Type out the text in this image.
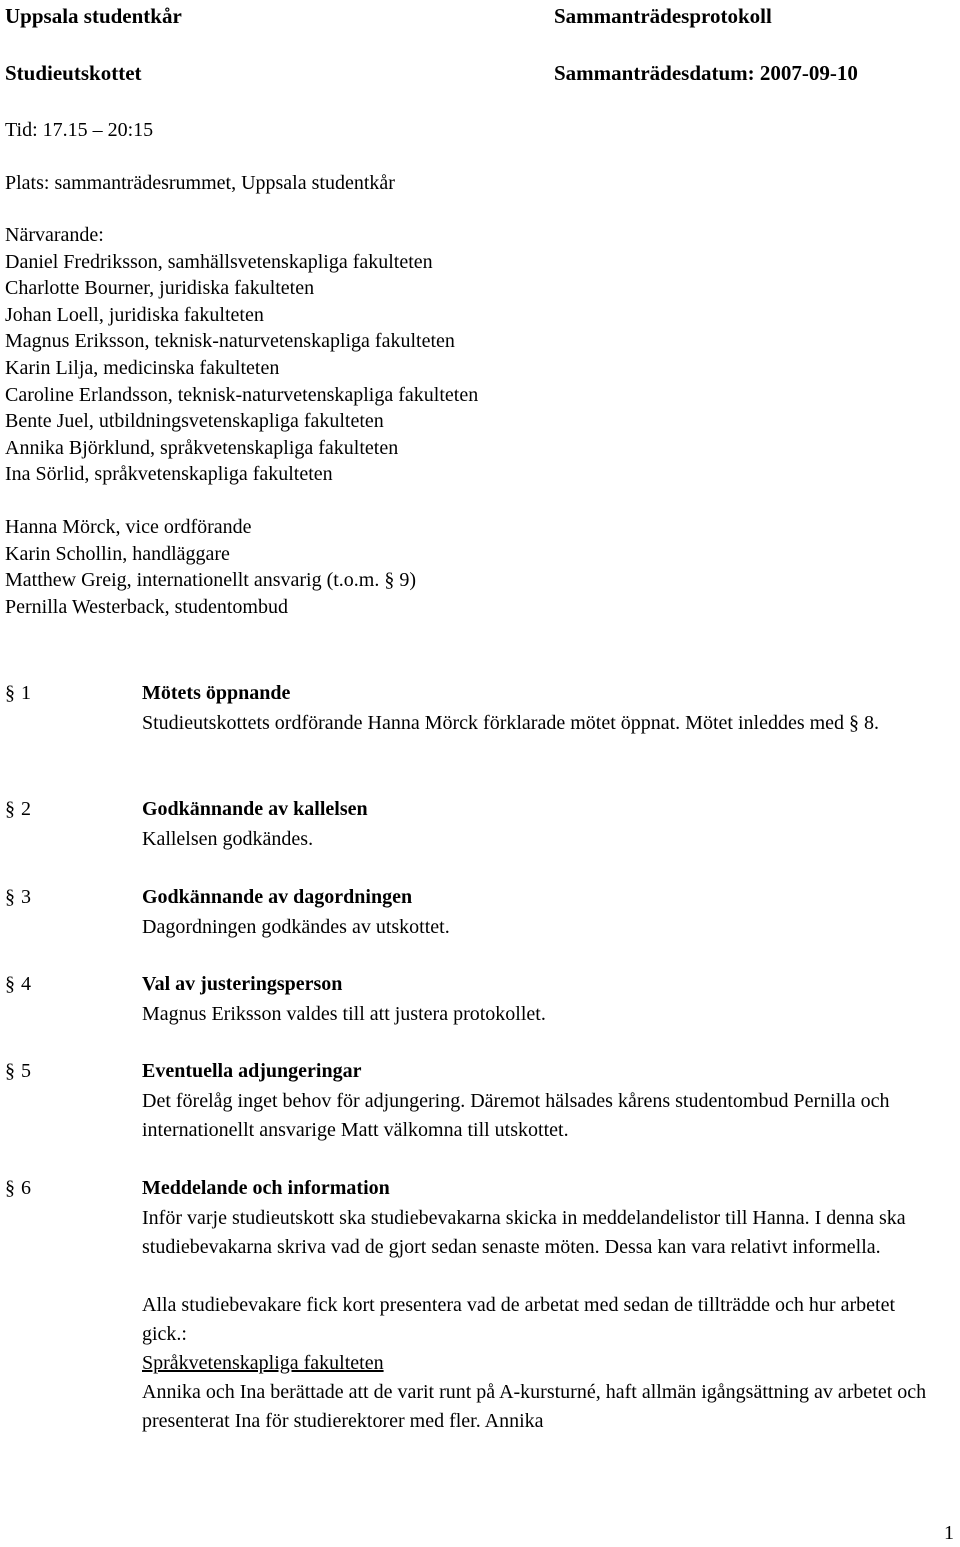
Uppsala studentkår	Sammanträdesprotokoll
Studieutskottet	Sammanträdesdatum: 2007-09-10
Tid: 17.15 – 20:15
Plats: sammanträdesrummet, Uppsala studentkår
Närvarande:
Daniel Fredriksson, samhällsvetenskapliga fakulteten
Charlotte Bourner, juridiska fakulteten
Johan Loell, juridiska fakulteten
Magnus Eriksson, teknisk-naturvetenskapliga fakulteten
Karin Lilja, medicinska fakulteten
Caroline Erlandsson, teknisk-naturvetenskapliga fakulteten
Bente Juel, utbildningsvetenskapliga fakulteten
Annika Björklund, språkvetenskapliga fakulteten
Ina Sörlid, språkvetenskapliga fakulteten
Hanna Mörck, vice ordförande
Karin Schollin, handläggare
Matthew Greig, internationellt ansvarig (t.o.m. § 9)
Pernilla Westerback, studentombud
§ 1	Mötets öppnande

Studieutskottets ordförande Hanna Mörck förklarade mötet öppnat. Mötet inleddes med § 8.

§ 2	Godkännande av kallelsen

Kallelsen godkändes.

§ 3	Godkännande av dagordningen

Dagordningen godkändes av utskottet.

§ 4	Val av justeringsperson

Magnus Eriksson valdes till att justera protokollet.

§ 5	Eventuella adjungeringar

Det förelåg inget behov för adjungering. Däremot hälsades kårens studentombud Pernilla och internationellt ansvarige Matt välkomna till utskottet.

§ 6	Meddelande och information

Inför varje studieutskott ska studiebevakarna skicka in meddelandelistor till Hanna. I denna ska studiebevakarna skriva vad de gjort sedan senaste möten. Dessa kan vara relativt informella.

Alla studiebevakare fick kort presentera vad de arbetat med sedan de tillträdde och hur arbetet gick.:

Språkvetenskapliga fakulteten

Annika och Ina berättade att de varit runt på A-kursturné, haft allmän igångsättning av arbetet och presenterat Ina för studierektorer med fler. Annika

1
